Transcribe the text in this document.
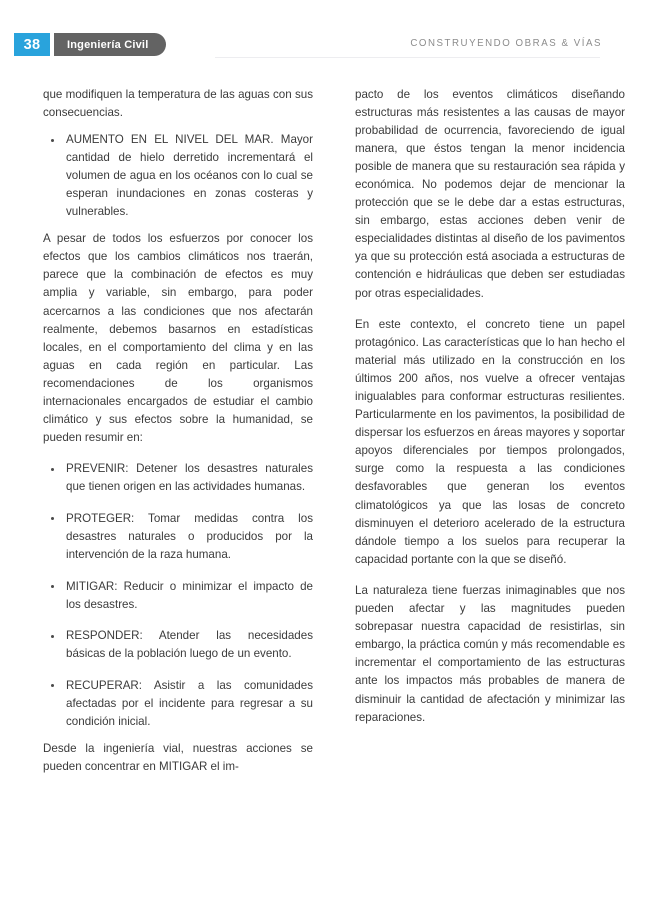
38	Ingeniería Civil	CONSTRUYENDO OBRAS & VÍAS

que modifiquen la temperatura de las aguas con sus consecuencias.

AUMENTO EN EL NIVEL DEL MAR. Mayor cantidad de hielo derretido incrementará el volumen de agua en los océanos con lo cual se esperan inundaciones en zonas costeras y vulnerables.

A pesar de todos los esfuerzos por conocer los efectos que los cambios climáticos nos traerán, parece que la combinación de efectos es muy amplia y variable, sin embargo, para poder acercarnos a las condiciones que nos afectarán realmente, debemos basarnos en estadísticas locales, en el comportamiento del clima y en las aguas en cada región en particular. Las recomendaciones de los organismos internacionales encargados de estudiar el cambio climático y sus efectos sobre la humanidad, se pueden resumir en:

PREVENIR: Detener los desastres naturales que tienen origen en las actividades humanas.
PROTEGER: Tomar medidas contra los desastres naturales o producidos por la intervención de la raza humana.
MITIGAR: Reducir o minimizar el impacto de los desastres.
RESPONDER: Atender las necesidades básicas de la población luego de un evento.
RECUPERAR: Asistir a las comunidades afectadas por el incidente para regresar a su condición inicial.

Desde la ingeniería vial, nuestras acciones se pueden concentrar en MITIGAR el im-

pacto de los eventos climáticos diseñando estructuras más resistentes a las causas de mayor probabilidad de ocurrencia, favoreciendo de igual manera, que éstos tengan la menor incidencia posible de manera que su restauración sea rápida y económica. No podemos dejar de mencionar la protección que se le debe dar a estas estructuras, sin embargo, estas acciones deben venir de especialidades distintas al diseño de los pavimentos ya que su protección está asociada a estructuras de contención e hidráulicas que deben ser estudiadas por otras especialidades.

En este contexto, el concreto tiene un papel protagónico. Las características que lo han hecho el material más utilizado en la construcción en los últimos 200 años, nos vuelve a ofrecer ventajas inigualables para conformar estructuras resilientes. Particularmente en los pavimentos, la posibilidad de dispersar los esfuerzos en áreas mayores y soportar apoyos diferenciales por tiempos prolongados, surge como la respuesta a las condiciones desfavorables que generan los eventos climatológicos ya que las losas de concreto disminuyen el deterioro acelerado de la estructura dándole tiempo a los suelos para recuperar la capacidad portante con la que se diseñó.

La naturaleza tiene fuerzas inimaginables que nos pueden afectar y las magnitudes pueden sobrepasar nuestra capacidad de resistirlas, sin embargo, la práctica común y más recomendable es incrementar el comportamiento de las estructuras ante los impactos más probables de manera de disminuir la cantidad de afectación y minimizar las reparaciones.
